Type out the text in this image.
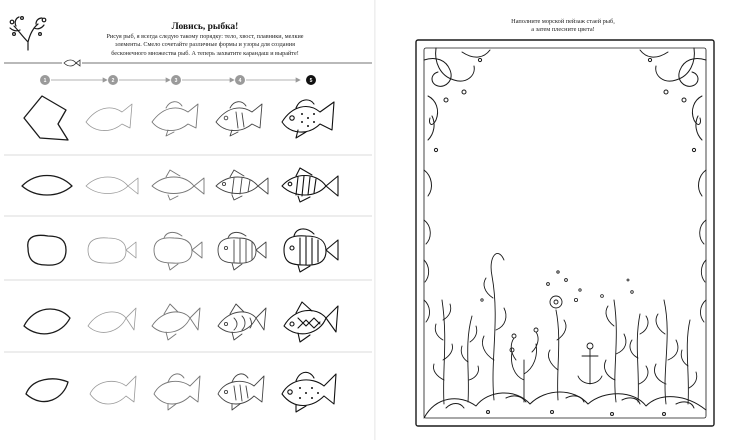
Ловись, рыбка!
Рисуя рыб, я всегда следую такому порядку: тело, хвост, плавники, мелкие
элементы. Смело сочетайте различные формы и узоры для создания
бесконечного множества рыб. А теперь захватите карандаш и вырайте!
1	2	3	4	5
Наполните морской пейзаж стаей рыб,
а затем плесните цвета!
